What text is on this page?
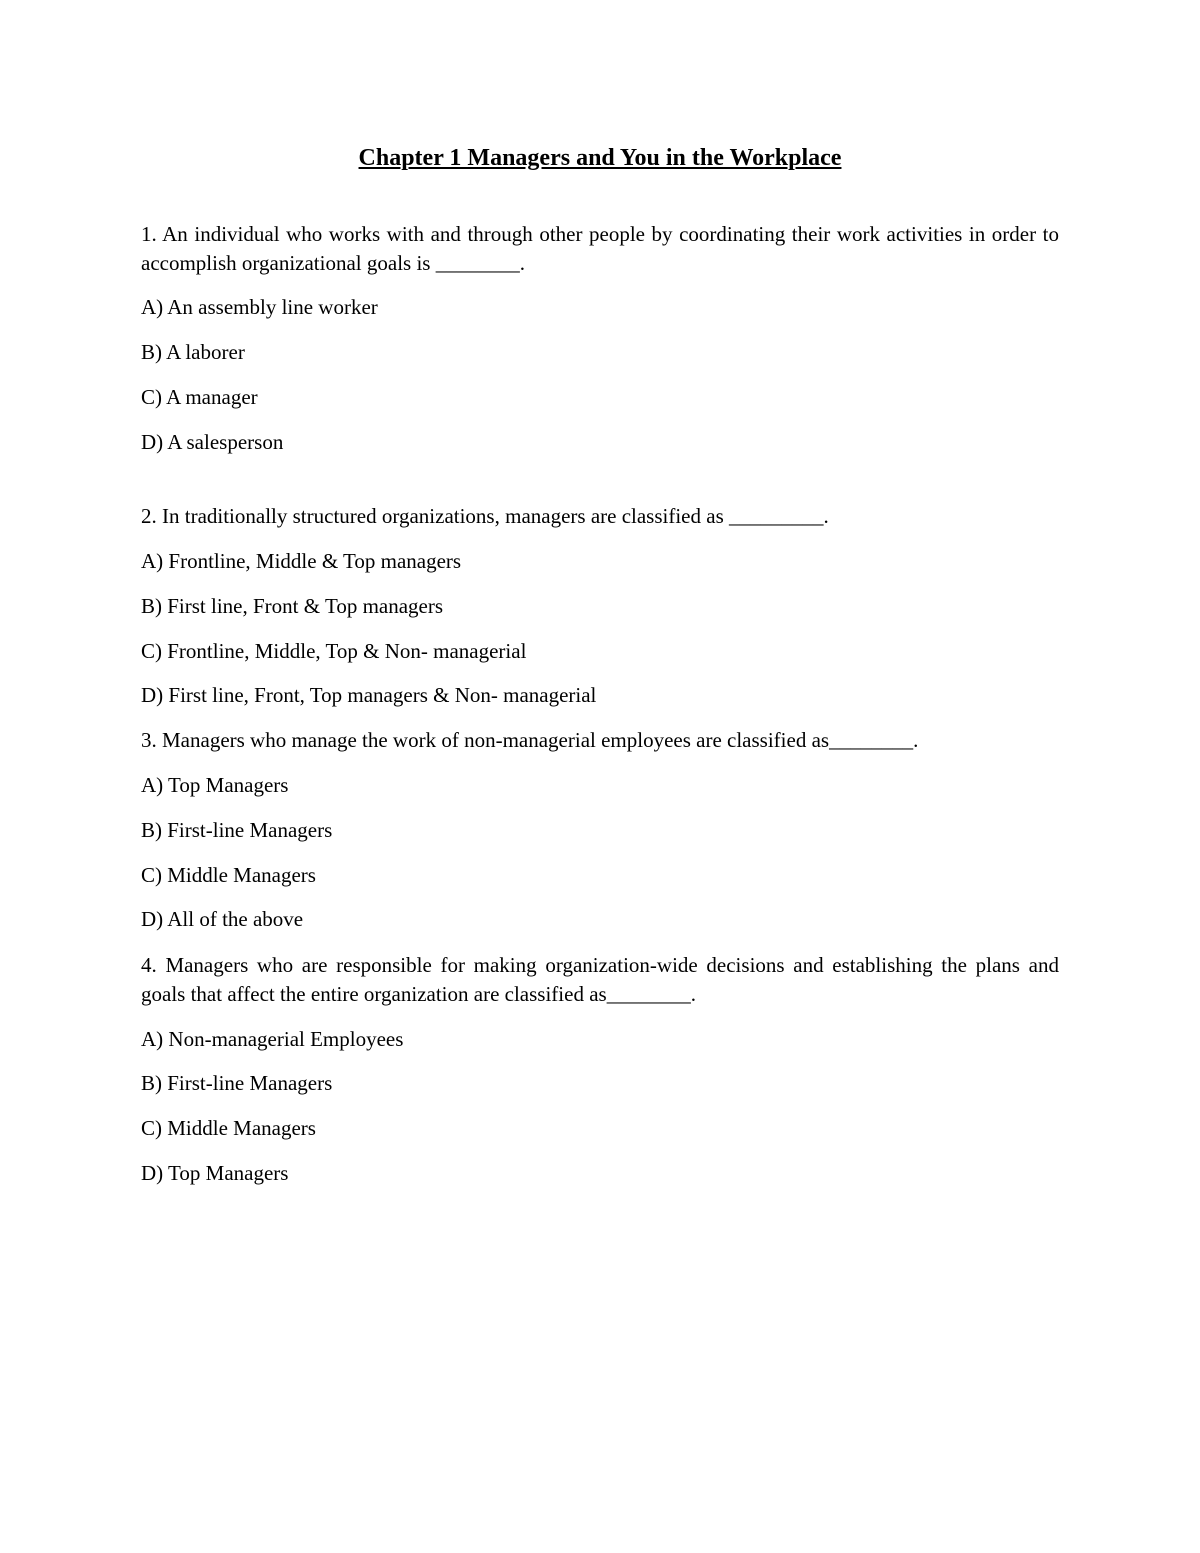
Chapter 1 Managers and You in the Workplace
1. An individual who works with and through other people by coordinating their work activities in order to accomplish organizational goals is ________.
A) An assembly line worker
B) A laborer
C) A manager
D) A salesperson
2. In traditionally structured organizations, managers are classified as _________.
A) Frontline, Middle & Top managers
B) First line, Front & Top managers
C) Frontline, Middle, Top & Non- managerial
D) First line, Front, Top managers & Non- managerial
3. Managers who manage the work of non-managerial employees are classified as________.
A) Top Managers
B) First-line Managers
C) Middle Managers
D) All of the above
4. Managers who are responsible for making organization-wide decisions and establishing the plans and goals that affect the entire organization are classified as________.
A) Non-managerial Employees
B) First-line Managers
C) Middle Managers
D) Top Managers
